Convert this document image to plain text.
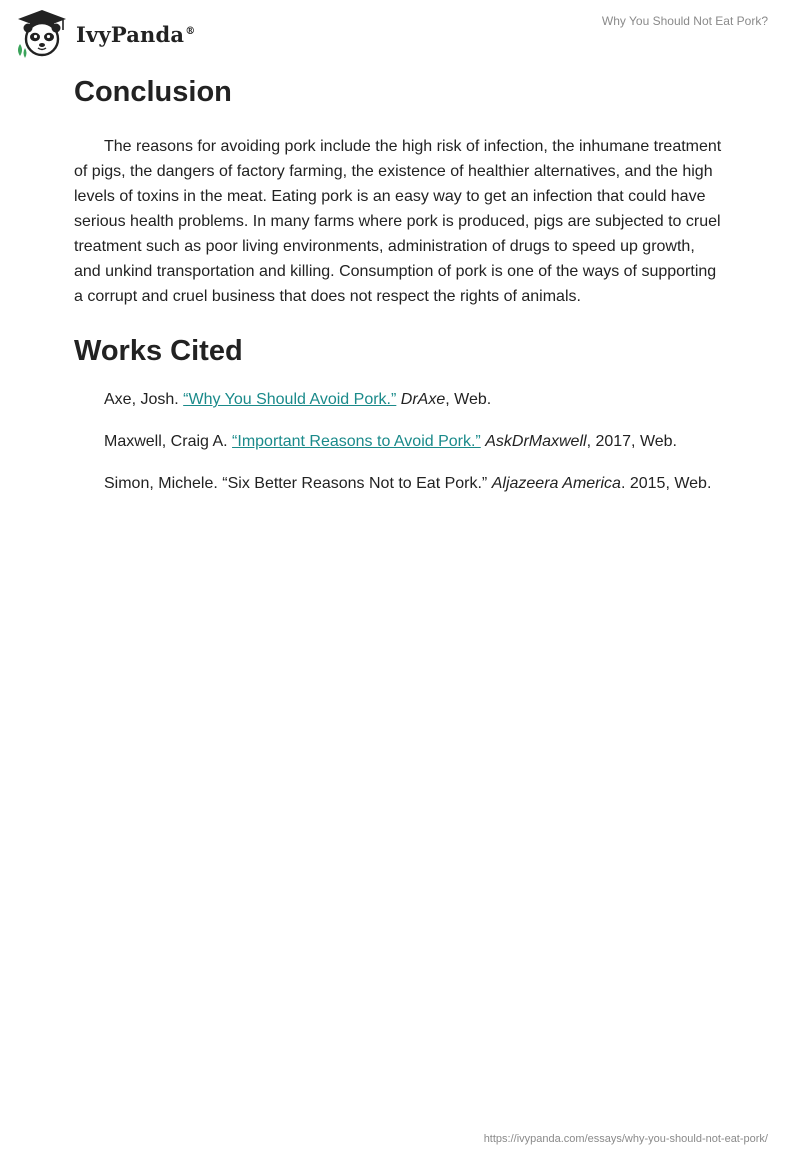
IvyPanda®
Why You Should Not Eat Pork?
Conclusion

The reasons for avoiding pork include the high risk of infection, the inhumane treatment of pigs, the dangers of factory farming, the existence of healthier alternatives, and the high levels of toxins in the meat. Eating pork is an easy way to get an infection that could have serious health problems. In many farms where pork is produced, pigs are subjected to cruel treatment such as poor living environments, administration of drugs to speed up growth, and unkind transportation and killing. Consumption of pork is one of the ways of supporting a corrupt and cruel business that does not respect the rights of animals.

Works Cited

Axe, Josh. “Why You Should Avoid Pork.” DrAxe, Web.

Maxwell, Craig A. “Important Reasons to Avoid Pork.” AskDrMaxwell, 2017, Web.

Simon, Michele. “Six Better Reasons Not to Eat Pork.” Aljazeera America. 2015, Web.

https://ivypanda.com/essays/why-you-should-not-eat-pork/
